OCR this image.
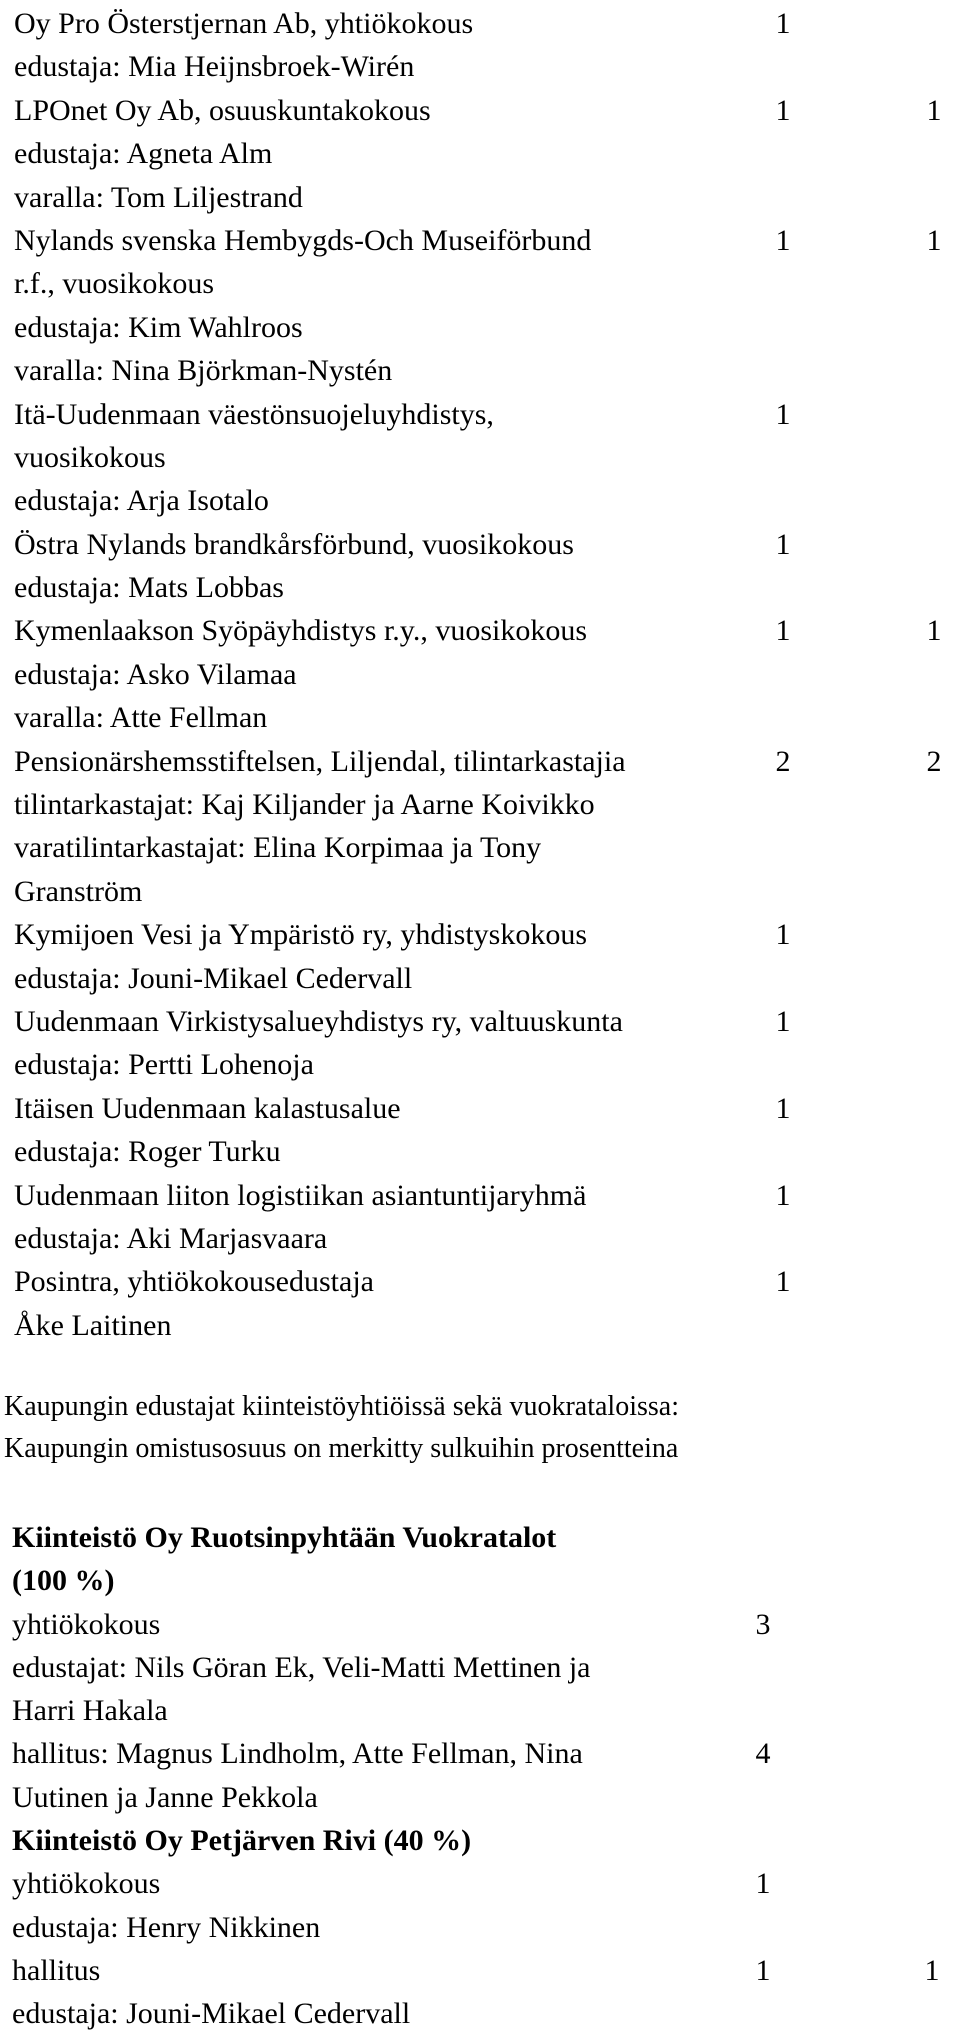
Oy Pro Österstjernan Ab, yhtiökokous	1
edustaja: Mia Heijnsbroek-Wirén
LPOnet Oy Ab, osuuskuntakokous	1	1
edustaja: Agneta Alm
varalla: Tom Liljestrand
Nylands svenska Hembygds-Och Museiförbund	1	1
r.f., vuosikokous
edustaja: Kim Wahlroos
varalla: Nina Björkman-Nystén
Itä-Uudenmaan väestönsuojeluyhdistys,	1
vuosikokous
edustaja: Arja Isotalo
Östra Nylands brandkårsförbund, vuosikokous	1
edustaja: Mats Lobbas
Kymenlaakson Syöpäyhdistys r.y., vuosikokous	1	1
edustaja: Asko Vilamaa
varalla: Atte Fellman
Pensionärshemsstiftelsen, Liljendal, tilintarkastajia	2	2
tilintarkastajat: Kaj Kiljander ja Aarne Koivikko
varatilintarkastajat: Elina Korpimaa ja Tony
Granström
Kymijoen Vesi ja Ympäristö ry, yhdistyskokous	1
edustaja: Jouni-Mikael Cedervall
Uudenmaan Virkistysalueyhdistys ry, valtuuskunta	1
edustaja: Pertti Lohenoja
Itäisen Uudenmaan kalastusalue	1
edustaja: Roger Turku
Uudenmaan liiton logistiikan asiantuntijaryhmä	1
edustaja: Aki Marjasvaara
Posintra, yhtiökokousedustaja	1
Åke Laitinen
Kaupungin edustajat kiinteistöyhtiöissä sekä vuokrataloissa:
Kaupungin omistusosuus on merkitty sulkuihin prosentteina
Kiinteistö Oy Ruotsinpyhtään Vuokratalot
(100 %)
yhtiökokous	3
edustajat: Nils Göran Ek, Veli-Matti Mettinen ja
Harri Hakala
hallitus: Magnus Lindholm, Atte Fellman, Nina	4
Uutinen ja Janne Pekkola
Kiinteistö Oy Petjärven Rivi (40 %)
yhtiökokous	1
edustaja: Henry Nikkinen
hallitus	1	1
edustaja: Jouni-Mikael Cedervall
